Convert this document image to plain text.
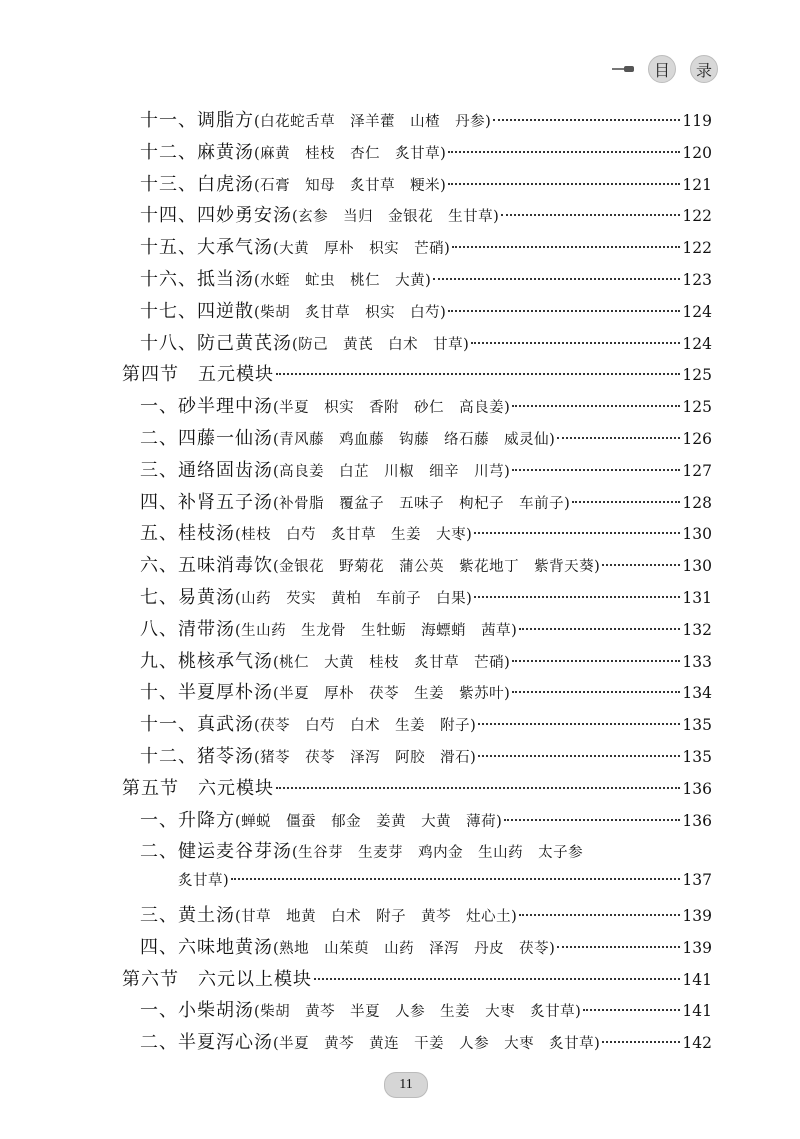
目	录
十一、调脂方 (白花蛇舌草　泽羊藿　山楂　丹参)	119
十二、麻黄汤 (麻黄　桂枝　杏仁　炙甘草)	120
十三、白虎汤 (石膏　知母　炙甘草　粳米)	121
十四、四妙勇安汤 (玄参　当归　金银花　生甘草)	122
十五、大承气汤 (大黄　厚朴　枳实　芒硝)	122
十六、抵当汤 (水蛭　虻虫　桃仁　大黄)	123
十七、四逆散 (柴胡　炙甘草　枳实　白芍)	124
十八、防己黄芪汤 (防己　黄芪　白术　甘草)	124
第四节　五元模块	125
一、砂半理中汤 (半夏　枳实　香附　砂仁　高良姜)	125
二、四藤一仙汤 (青风藤　鸡血藤　钩藤　络石藤　威灵仙)	126
三、通络固齿汤 (高良姜　白芷　川椒　细辛　川芎)	127
四、补肾五子汤 (补骨脂　覆盆子　五味子　枸杞子　车前子)	128
五、桂枝汤 (桂枝　白芍　炙甘草　生姜　大枣)	130
六、五味消毒饮 (金银花　野菊花　蒲公英　紫花地丁　紫背天葵)	130
七、易黄汤 (山药　芡实　黄柏　车前子　白果)	131
八、清带汤 (生山药　生龙骨　生牡蛎　海螵蛸　茜草)	132
九、桃核承气汤 (桃仁　大黄　桂枝　炙甘草　芒硝)	133
十、半夏厚朴汤 (半夏　厚朴　茯苓　生姜　紫苏叶)	134
十一、真武汤 (茯苓　白芍　白术　生姜　附子)	135
十二、猪苓汤 (猪苓　茯苓　泽泻　阿胶　滑石)	135
第五节　六元模块	136
一、升降方 (蝉蜕　僵蚕　郁金　姜黄　大黄　薄荷)	136
二、健运麦谷芽汤 (生谷芽　生麦芽　鸡内金　生山药　太子参
炙甘草)	137
三、黄土汤 (甘草　地黄　白术　附子　黄芩　灶心土)	139
四、六味地黄汤 (熟地　山茱萸　山药　泽泻　丹皮　茯苓)	139
第六节　六元以上模块	141
一、小柴胡汤 (柴胡　黄芩　半夏　人参　生姜　大枣　炙甘草)	141
二、半夏泻心汤 (半夏　黄芩　黄连　干姜　人参　大枣　炙甘草)	142
11
